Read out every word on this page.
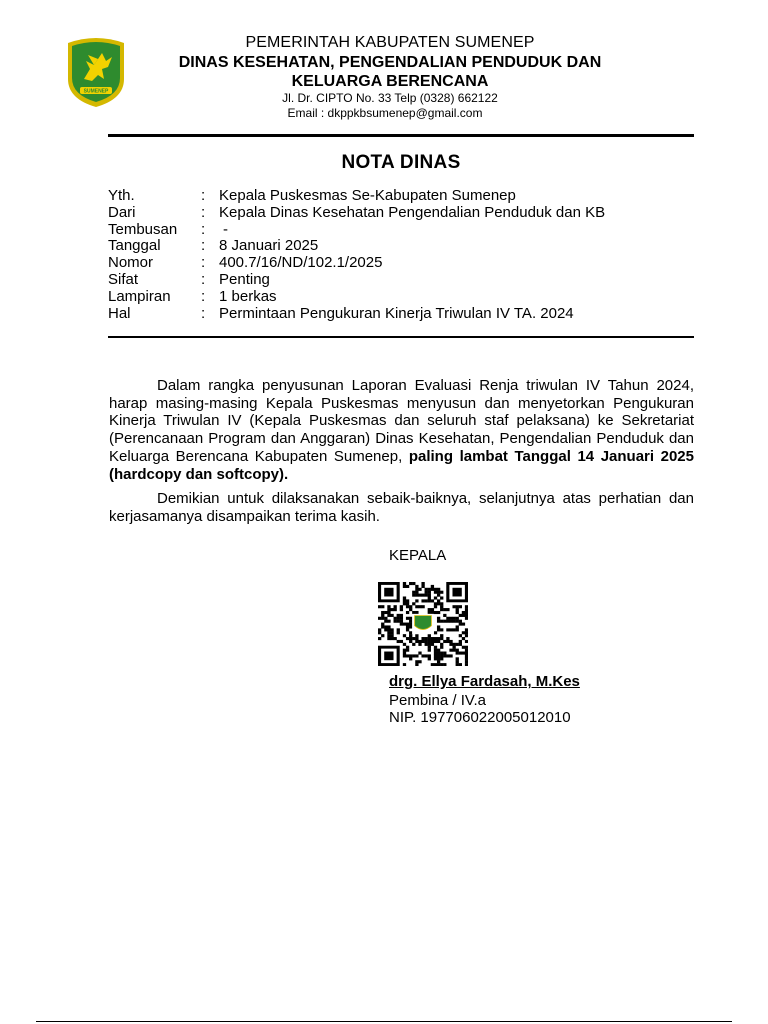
SUMENEP
PEMERINTAH KABUPATEN SUMENEP
DINAS KESEHATAN, PENGENDALIAN PENDUDUK DAN
KELUARGA BERENCANA
Jl. Dr. CIPTO No. 33 Telp (0328) 662122
Email : dkppkbsumenep@gmail.com
NOTA DINAS
Yth.	: Kepala Puskesmas Se-Kabupaten Sumenep
Dari	: Kepala Dinas Kesehatan Pengendalian Penduduk dan KB
Tembusan : -
Tanggal	: 8 Januari 2025
Nomor	: 400.7/16/ND/102.1/2025
Sifat	: Penting
Lampiran : 1 berkas
Hal	: Permintaan Pengukuran Kinerja Triwulan IV TA. 2024
Dalam rangka penyusunan Laporan Evaluasi Renja triwulan IV Tahun 2024, harap masing-masing Kepala Puskesmas menyusun dan menyetorkan Pengukuran Kinerja Triwulan IV (Kepala Puskesmas dan seluruh staf pelaksana) ke Sekretariat (Perencanaan Program dan Anggaran) Dinas Kesehatan, Pengendalian Penduduk dan Keluarga Berencana Kabupaten Sumenep, paling lambat Tanggal 14 Januari 2025 (hardcopy dan softcopy).
Demikian untuk dilaksanakan sebaik-baiknya, selanjutnya atas perhatian dan kerjasamanya disampaikan terima kasih.
KEPALA
drg. Ellya Fardasah, M.Kes
Pembina / IV.a
NIP. 197706022005012010
